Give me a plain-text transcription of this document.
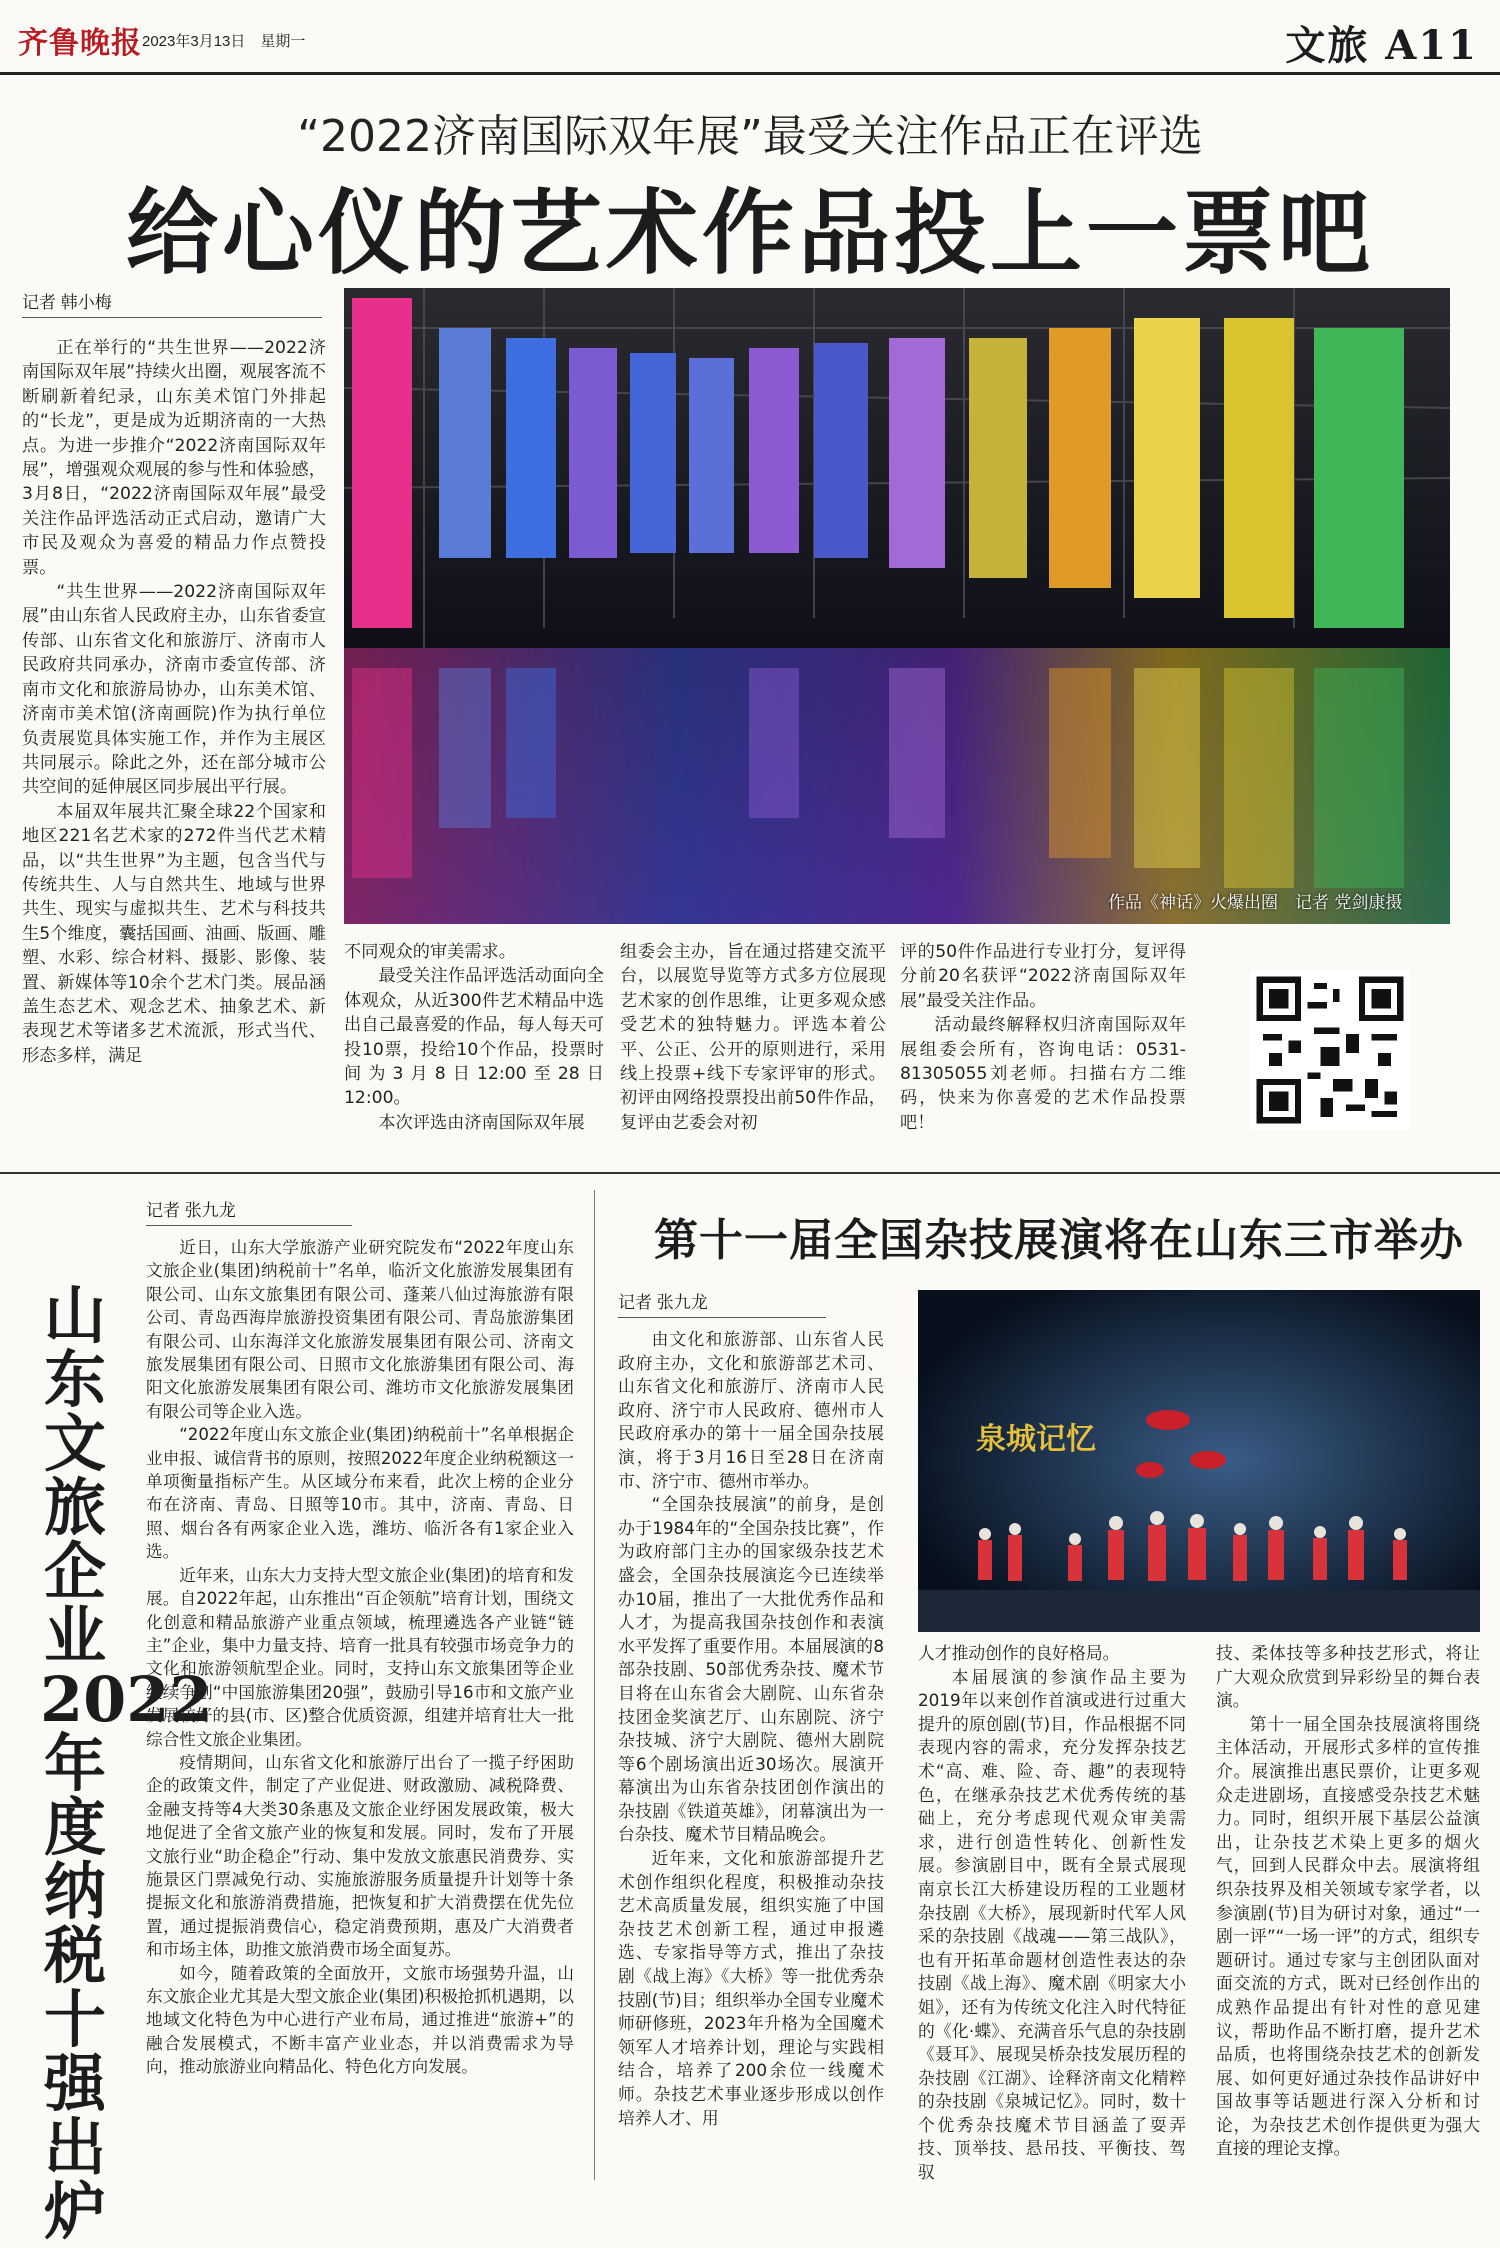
齐鲁晚报 2023年3月13日　 星期一	文旅 A11
“2022济南国际双年展”最受关注作品正在评选
给心仪的艺术作品投上一票吧
记者 韩小梅

正在举行的“共生世界——2022济南国际双年展”持续火出圈，观展客流不断刷新着纪录，山东美术馆门外排起的“长龙”，更是成为近期济南的一大热点。为进一步推介“2022济南国际双年展”，增强观众观展的参与性和体验感，3月8日，“2022济南国际双年展”最受关注作品评选活动正式启动，邀请广大市民及观众为喜爱的精品力作点赞投票。

“共生世界——2022济南国际双年展”由山东省人民政府主办，山东省委宣传部、山东省文化和旅游厅、济南市人民政府共同承办，济南市委宣传部、济南市文化和旅游局协办，山东美术馆、济南市美术馆(济南画院)作为执行单位负责展览具体实施工作，并作为主展区共同展示。除此之外，还在部分城市公共空间的延伸展区同步展出平行展。

本届双年展共汇聚全球22个国家和地区221名艺术家的272件当代艺术精品，以“共生世界”为主题，包含当代与传统共生、人与自然共生、地域与世界共生、现实与虚拟共生、艺术与科技共生5个维度，囊括国画、油画、版画、雕塑、水彩、综合材料、摄影、影像、装置、新媒体等10余个艺术门类。展品涵盖生态艺术、观念艺术、抽象艺术、新表现艺术等诸多艺术流派，形式当代、形态多样，满足

作品《神话》火爆出圈　记者 党剑康摄

不同观众的审美需求。

最受关注作品评选活动面向全体观众，从近300件艺术精品中选出自己最喜爱的作品，每人每天可投10票，投给10个作品，投票时间为3月8日12:00至28日12:00。

本次评选由济南国际双年展

组委会主办，旨在通过搭建交流平台，以展览导览等方式多方位展现艺术家的创作思维，让更多观众感受艺术的独特魅力。评选本着公平、公正、公开的原则进行，采用线上投票+线下专家评审的形式。初评由网络投票投出前50件作品，复评由艺委会对初

评的50件作品进行专业打分，复评得分前20名获评“2022济南国际双年展”最受关注作品。

活动最终解释权归济南国际双年展组委会所有，咨询电话：0531-81305055刘老师。扫描右方二维码，快来为你喜爱的艺术作品投票吧！

山东文旅企业2022年度纳税十强出炉
记者 张九龙

近日，山东大学旅游产业研究院发布“2022年度山东文旅企业(集团)纳税前十”名单，临沂文化旅游发展集团有限公司、山东文旅集团有限公司、蓬莱八仙过海旅游有限公司、青岛西海岸旅游投资集团有限公司、青岛旅游集团有限公司、山东海洋文化旅游发展集团有限公司、济南文旅发展集团有限公司、日照市文化旅游集团有限公司、海阳文化旅游发展集团有限公司、潍坊市文化旅游发展集团有限公司等企业入选。

“2022年度山东文旅企业(集团)纳税前十”名单根据企业申报、诚信背书的原则，按照2022年度企业纳税额这一单项衡量指标产生。从区域分布来看，此次上榜的企业分布在济南、青岛、日照等10市。其中，济南、青岛、日照、烟台各有两家企业入选，潍坊、临沂各有1家企业入选。

近年来，山东大力支持大型文旅企业(集团)的培育和发展。自2022年起，山东推出“百企领航”培育计划，围绕文化创意和精品旅游产业重点领域，梳理遴选各产业链“链主”企业，集中力量支持、培育一批具有较强市场竞争力的文化和旅游领航型企业。同时，支持山东文旅集团等企业继续争创“中国旅游集团20强”，鼓励引导16市和文旅产业发展较好的县(市、区)整合优质资源，组建并培育壮大一批综合性文旅企业集团。

疫情期间，山东省文化和旅游厅出台了一揽子纾困助企的政策文件，制定了产业促进、财政激励、减税降费、金融支持等4大类30条惠及文旅企业纾困发展政策，极大地促进了全省文旅产业的恢复和发展。同时，发布了开展文旅行业“助企稳企”行动、集中发放文旅惠民消费券、实施景区门票减免行动、实施旅游服务质量提升计划等十条提振文化和旅游消费措施，把恢复和扩大消费摆在优先位置，通过提振消费信心，稳定消费预期，惠及广大消费者和市场主体，助推文旅消费市场全面复苏。

如今，随着政策的全面放开，文旅市场强势升温，山东文旅企业尤其是大型文旅企业(集团)积极抢抓机遇期，以地域文化特色为中心进行产业布局，通过推进“旅游+”的融合发展模式，不断丰富产业业态，并以消费需求为导向，推动旅游业向精品化、特色化方向发展。

第十一届全国杂技展演将在山东三市举办
记者 张九龙
泉城记忆

由文化和旅游部、山东省人民政府主办，文化和旅游部艺术司、山东省文化和旅游厅、济南市人民政府、济宁市人民政府、德州市人民政府承办的第十一届全国杂技展演，将于3月16日至28日在济南市、济宁市、德州市举办。

“全国杂技展演”的前身，是创办于1984年的“全国杂技比赛”，作为政府部门主办的国家级杂技艺术盛会，全国杂技展演迄今已连续举办10届，推出了一大批优秀作品和人才，为提高我国杂技创作和表演水平发挥了重要作用。本届展演的8部杂技剧、50部优秀杂技、魔术节目将在山东省会大剧院、山东省杂技团金奖演艺厅、山东剧院、济宁杂技城、济宁大剧院、德州大剧院等6个剧场演出近30场次。展演开幕演出为山东省杂技团创作演出的杂技剧《铁道英雄》，闭幕演出为一台杂技、魔术节目精品晚会。

近年来，文化和旅游部提升艺术创作组织化程度，积极推动杂技艺术高质量发展，组织实施了中国杂技艺术创新工程，通过申报遴选、专家指导等方式，推出了杂技剧《战上海》《大桥》等一批优秀杂技剧(节)目；组织举办全国专业魔术师研修班，2023年升格为全国魔术领军人才培养计划，理论与实践相结合，培养了200余位一线魔术师。杂技艺术事业逐步形成以创作培养人才、用

人才推动创作的良好格局。

本届展演的参演作品主要为2019年以来创作首演或进行过重大提升的原创剧(节)目，作品根据不同表现内容的需求，充分发挥杂技艺术“高、难、险、奇、趣”的表现特色，在继承杂技艺术优秀传统的基础上，充分考虑现代观众审美需求，进行创造性转化、创新性发展。参演剧目中，既有全景式展现南京长江大桥建设历程的工业题材杂技剧《大桥》，展现新时代军人风采的杂技剧《战魂——第三战队》，也有开拓革命题材创造性表达的杂技剧《战上海》、魔术剧《明家大小姐》，还有为传统文化注入时代特征的《化·蝶》、充满音乐气息的杂技剧《聂耳》、展现吴桥杂技发展历程的杂技剧《江湖》、诠释济南文化精粹的杂技剧《泉城记忆》。同时，数十个优秀杂技魔术节目涵盖了耍弄技、顶举技、悬吊技、平衡技、驾驭

技、柔体技等多种技艺形式，将让广大观众欣赏到异彩纷呈的舞台表演。

第十一届全国杂技展演将围绕主体活动，开展形式多样的宣传推介。展演推出惠民票价，让更多观众走进剧场，直接感受杂技艺术魅力。同时，组织开展下基层公益演出，让杂技艺术染上更多的烟火气，回到人民群众中去。展演将组织杂技界及相关领域专家学者，以参演剧(节)目为研讨对象，通过“一剧一评”“一场一评”的方式，组织专题研讨。通过专家与主创团队面对面交流的方式，既对已经创作出的成熟作品提出有针对性的意见建议，帮助作品不断打磨，提升艺术品质，也将围绕杂技艺术的创新发展、如何更好通过杂技作品讲好中国故事等话题进行深入分析和讨论，为杂技艺术创作提供更为强大直接的理论支撑。
